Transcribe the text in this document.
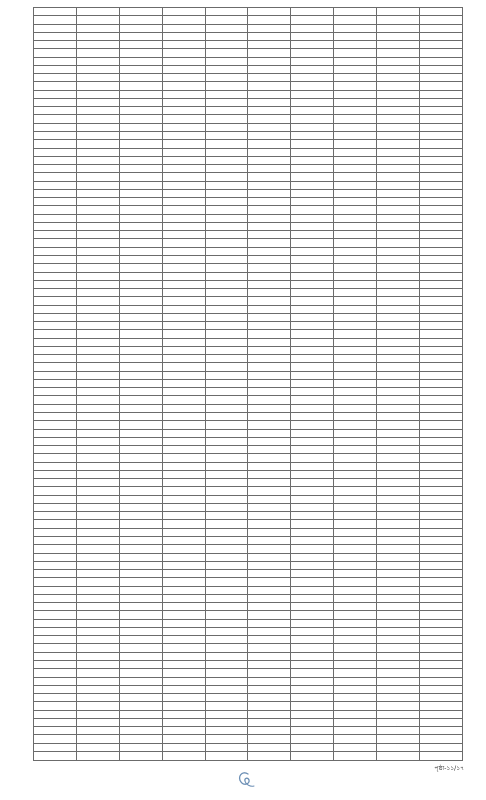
পৃষ্ঠা-১১/১৭
